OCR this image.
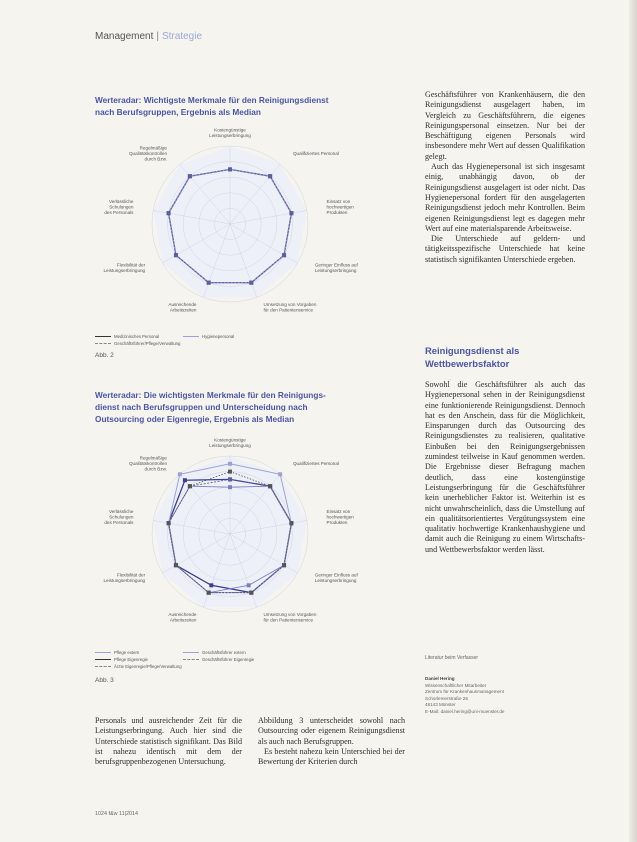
Management | Strategie
Werteradar: Wichtigste Merkmale für den Reinigungsdienst
nach Berufsgruppen, Ergebnis als Median
Kostengünstige Leistungserbringung
Qualifiziertes Personal
Einsatz von hochwertigen Produkten
Geringer Einfluss auf Leistungserbringung
Umsetzung von Vorgaben für den Patientenservice
Ausreichende Arbeitszeiten
Flexibilität der Leistungserbringung
Verlässliche Schulungen des Personals
Regelmäßige Qualitätskontrollen durch Bzw.
Medizinisches Personal	Hygienepersonal
Geschäftsführer/Pflege/Verwaltung
Abb. 2
Werteradar: Die wichtigsten Merkmale für den Reinigungs-
dienst nach Berufsgruppen und Unterscheidung nach
Outsourcing oder Eigenregie, Ergebnis als Median
Kostengünstige Leistungserbringung
Qualifiziertes Personal
Einsatz von hochwertigen Produkten
Geringer Einfluss auf Leistungserbringung
Umsetzung von Vorgaben für den Patientenservice
Ausreichende Arbeitszeiten
Flexibilität der Leistungserbringung
Verlässliche Schulungen des Personals
Regelmäßige Qualitätskontrollen durch Bzw.
Pflege extern	Geschäftsführer extern
Pflege Eigenregie	Geschäftsführer Eigenregie
Ärzte Eigenregie/Pflege/Verwaltung
Abb. 3

Personals und ausreichender Zeit für die Leistungserbringung. Auch hier sind die Unterschiede statistisch signifikant. Das Bild ist nahezu identisch mit dem der berufsgruppenbezogenen Untersuchung.

Abbildung 3 unterscheidet sowohl nach Outsourcing oder eigenem Reinigungsdienst als auch nach Berufsgruppen.

Es besteht nahezu kein Unterschied bei der Bewertung der Kriterien durch

Geschäftsführer von Krankenhäusern, die den Reinigungsdienst ausgelagert haben, im Vergleich zu Geschäftsführern, die eigenes Reinigungspersonal einsetzen. Nur bei der Beschäftigung eigenen Personals wird insbesondere mehr Wert auf dessen Qualifikation gelegt.

Auch das Hygienepersonal ist sich insgesamt einig, unabhängig davon, ob der Reinigungsdienst ausgelagert ist oder nicht. Das Hygienepersonal fordert für den ausgelagerten Reinigungsdienst jedoch mehr Kontrollen. Beim eigenen Reinigungsdienst legt es dagegen mehr Wert auf eine materialsparende Arbeitsweise.

Die Unterschiede auf geldern- und tätigkeitsspezifische Unterschiede hat keine statistisch signifikanten Unterschiede ergeben.

Reinigungsdienst als
Wettbewerbsfaktor

Sowohl die Geschäftsführer als auch das Hygienepersonal sehen in der Reinigungsdienst eine funktionierende Reinigungsdienst. Dennoch hat es den Anschein, dass für die Möglichkeit, Einsparungen durch das Outsourcing des Reinigungsdienstes zu realisieren, qualitative Einbußen bei den Reinigungsergebnissen zumindest teilweise in Kauf genommen werden. Die Ergebnisse dieser Befragung machen deutlich, dass eine kostengünstige Leistungserbringung für die Geschäftsführer kein unerheblicher Faktor ist. Weiterhin ist es nicht unwahrscheinlich, dass die Umstellung auf ein qualitätsorientiertes Vergütungssystem eine qualitativ hochwertige Krankenhaushygiene und damit auch die Reinigung zu einem Wirtschafts- und Wettbewerbsfaktor werden lässt.

Literatur beim Verfasser
Daniel Hering
Wissenschaftlicher Mitarbeiter
Zentrum für Krankenhausmanagement
Schorlemerstraße 26
48143 Münster
E-Mail: daniel.hering@uni-muenster.de
1024 f&w 11|2014
